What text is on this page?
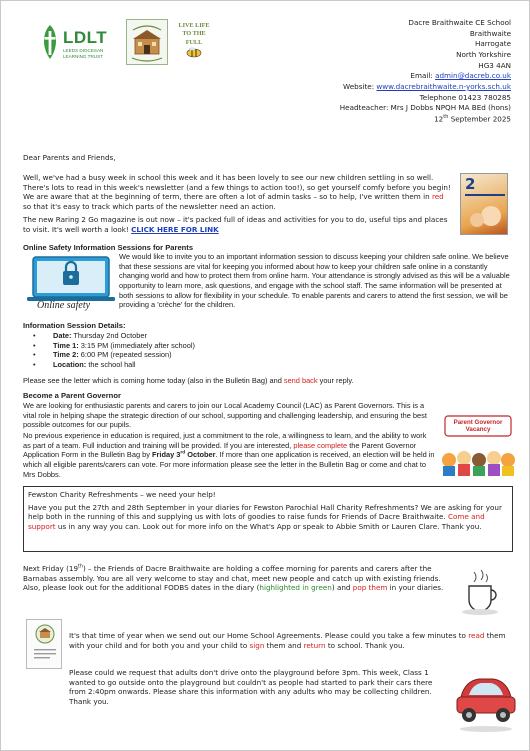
LDLT
LEEDS DIOCESAN
LEARNING TRUST
LIVE LIFE
TO THE
FULL
Dacre Braithwaite CE School
Braithwaite
Harrogate
North Yorkshire
HG3 4AN
Email: admin@dacreb.co.uk
Website: www.dacrebraithwaite.n-yorks.sch.uk
Telephone 01423 780285
Headteacher: Mrs J Dobbs NPQH MA BEd (hons)
12th September 2025
Dear Parents and Friends,
Well, we've had a busy week in school this week and it has been lovely to see our new children settling in so well. There's lots to read in this week's newsletter (and a few things to action too!), so get yourself comfy before you begin! We are aware that at the beginning of term, there are often a lot of admin tasks – so to help, I've written them in red so that it's easy to track which parts of the newsletter need an action.
2
The new Raring 2 Go magazine is out now – it's packed full of ideas and activities for you to do, useful tips and places to visit. It's well worth a look! CLICK HERE FOR LINK
Online Safety Information Sessions for Parents
Online safety
We would like to invite you to an important information session to discuss keeping your children safe online. We believe that these sessions are vital for keeping you informed about how to keep your children safe online in a constantly changing world and how to protect them from online harm. Your attendance is strongly advised as this will be a valuable opportunity to learn more, ask questions, and engage with the school staff. The same information will be presented at both sessions to allow for flexibility in your schedule. To enable parents and carers to attend the first session, we will be providing a 'crèche' for the children.
Information Session Details:
• Date: Thursday 2nd October
• Time 1: 3:15 PM (immediately after school)
• Time 2: 6:00 PM (repeated session)
• Location: the school hall
Please see the letter which is coming home today (also in the Bulletin Bag) and send back your reply.
Become a Parent Governor
We are looking for enthusiastic parents and carers to join our Local Academy Council (LAC) as Parent Governors. This is a vital role in helping shape the strategic direction of our school, supporting and challenging leadership, and ensuring the best possible outcomes for our pupils.
No previous experience in education is required, just a commitment to the role, a willingness to learn, and the ability to work as part of a team. Full induction and training will be provided. If you are interested, please complete the Parent Governor Application Form in the Bulletin Bag by Friday 3rd October. If more than one application is received, an election will be held in which all eligible parents/carers can vote. For more information please see the letter in the Bulletin Bag or come and chat to Mrs Dobbs.
Parent Governor
Vacancy
Fewston Charity Refreshments – we need your help!
Have you put the 27th and 28th September in your diaries for Fewston Parochial Hall Charity Refreshments? We are asking for your help both in the running of this and supplying us with lots of goodies to raise funds for Friends of Dacre Braithwaite. Come and support us in any way you can. Look out for more info on the What's App or speak to Abbie Smith or Lauren Clare. Thank you.
Next Friday (19th) – the Friends of Dacre Braithwaite are holding a coffee morning for parents and carers after the Barnabas assembly. You are all very welcome to stay and chat, meet new people and catch up with existing friends. Also, please look out for the additional FODBS dates in the diary (highlighted in green) and pop them in your diaries.
It's that time of year when we send out our Home School Agreements. Please could you take a few minutes to read them with your child and for both you and your child to sign them and return to school. Thank you.
Please could we request that adults don't drive onto the playground before 3pm. This week, Class 1 wanted to go outside onto the playground but couldn't as people had started to park their cars there from 2:40pm onwards. Please share this information with any adults who may be collecting children. Thank you.
